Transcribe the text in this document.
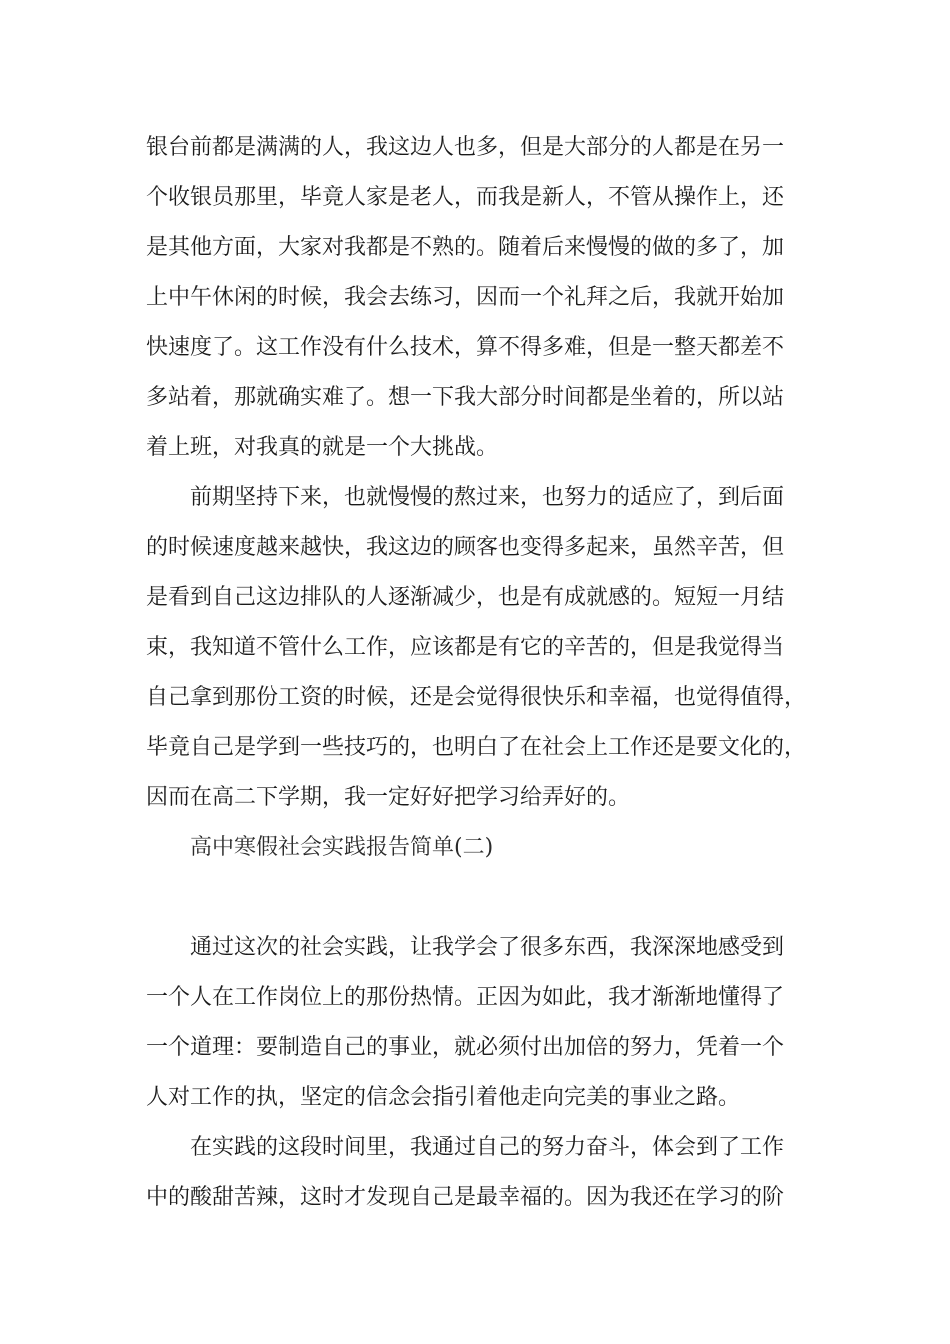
银台前都是满满的人，我这边人也多，但是大部分的人都是在另一

个收银员那里，毕竟人家是老人，而我是新人，不管从操作上，还

是其他方面，大家对我都是不熟的。随着后来慢慢的做的多了，加

上中午休闲的时候，我会去练习，因而一个礼拜之后，我就开始加

快速度了。这工作没有什么技术，算不得多难，但是一整天都差不

多站着，那就确实难了。想一下我大部分时间都是坐着的，所以站

着上班，对我真的就是一个大挑战。

前期坚持下来，也就慢慢的熬过来，也努力的适应了，到后面

的时候速度越来越快，我这边的顾客也变得多起来，虽然辛苦，但

是看到自己这边排队的人逐渐减少，也是有成就感的。短短一月结

束，我知道不管什么工作，应该都是有它的辛苦的，但是我觉得当

自己拿到那份工资的时候，还是会觉得很快乐和幸福，也觉得值得，

毕竟自己是学到一些技巧的，也明白了在社会上工作还是要文化的，

因而在高二下学期，我一定好好把学习给弄好的。

高中寒假社会实践报告简单(二)

通过这次的社会实践，让我学会了很多东西，我深深地感受到

一个人在工作岗位上的那份热情。正因为如此，我才渐渐地懂得了

一个道理：要制造自己的事业，就必须付出加倍的努力，凭着一个

人对工作的执，坚定的信念会指引着他走向完美的事业之路。

在实践的这段时间里，我通过自己的努力奋斗，体会到了工作

中的酸甜苦辣，这时才发现自己是最幸福的。因为我还在学习的阶
